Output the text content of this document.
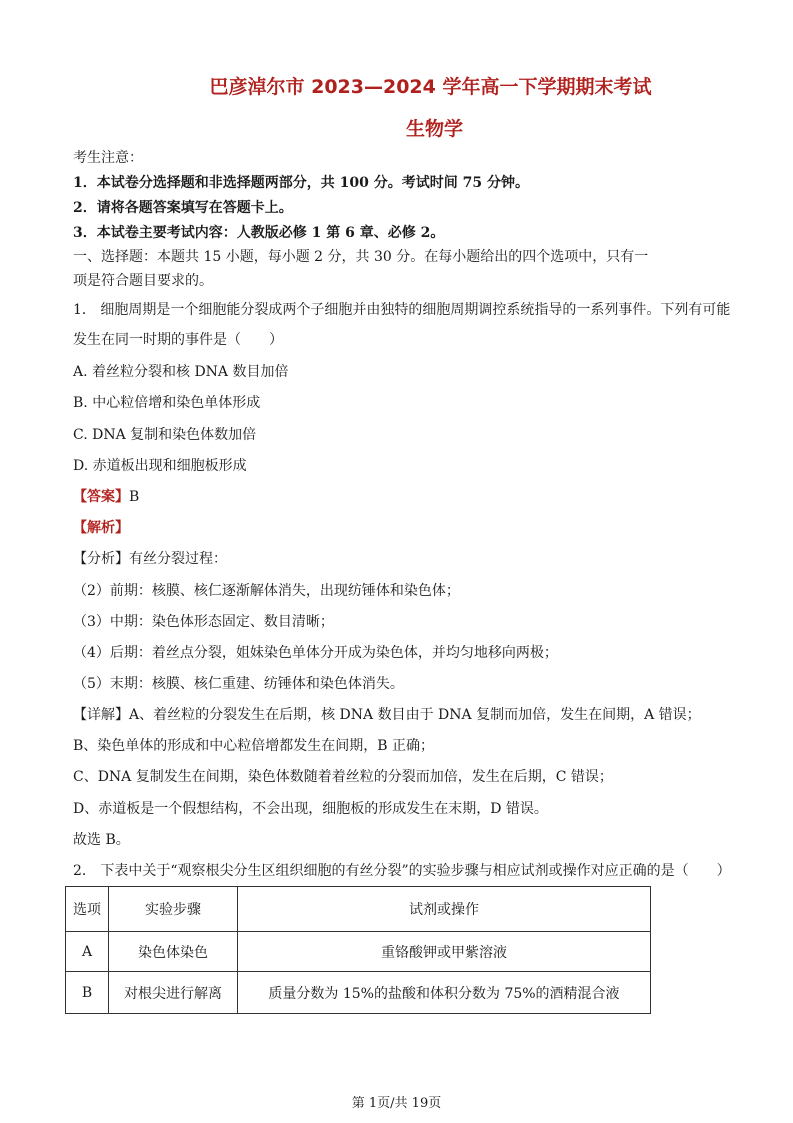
巴彦淖尔市 2023—2024 学年高一下学期期末考试
生物学
考生注意：
1．本试卷分选择题和非选择题两部分，共 100 分。考试时间 75 分钟。
2．请将各题答案填写在答题卡上。
3．本试卷主要考试内容：人教版必修 1 第 6 章、必修 2。
一、选择题：本题共 15 小题，每小题 2 分，共 30 分。在每小题给出的四个选项中，只有一
项是符合题目要求的。
1． 细胞周期是一个细胞能分裂成两个子细胞并由独特的细胞周期调控系统指导的一系列事件。下列有可能
发生在同一时期的事件是（　　）
A. 着丝粒分裂和核 DNA 数目加倍
B. 中心粒倍增和染色单体形成
C. DNA 复制和染色体数加倍
D. 赤道板出现和细胞板形成
【答案】B
【解析】
【分析】有丝分裂过程：
（2）前期：核膜、核仁逐渐解体消失，出现纺锤体和染色体；
（3）中期：染色体形态固定、数目清晰；
（4）后期：着丝点分裂，姐妹染色单体分开成为染色体，并均匀地移向两极；
（5）末期：核膜、核仁重建、纺锤体和染色体消失。
【详解】A、着丝粒的分裂发生在后期，核 DNA 数目由于 DNA 复制而加倍，发生在间期，A 错误；
B、染色单体的形成和中心粒倍增都发生在间期，B 正确；
C、DNA 复制发生在间期，染色体数随着着丝粒的分裂而加倍，发生在后期，C 错误；
D、赤道板是一个假想结构，不会出现，细胞板的形成发生在末期，D 错误。
故选 B。
2． 下表中关于“观察根尖分生区组织细胞的有丝分裂”的实验步骤与相应试剂或操作对应正确的是（　　）
选项	实验步骤	试剂或操作
A	染色体染色	重铬酸钾或甲紫溶液
B	对根尖进行解离	质量分数为 15%的盐酸和体积分数为 75%的酒精混合液
第 1页/共 19页
